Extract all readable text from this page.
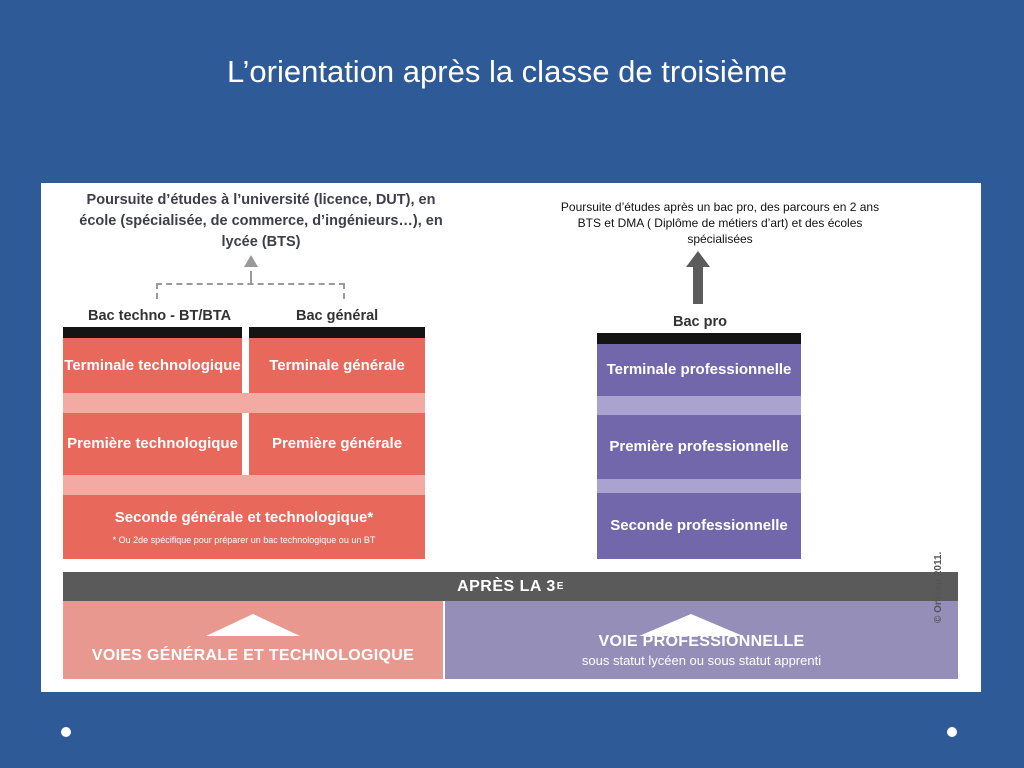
L’orientation après la classe de troisième
Poursuite d’études à l’université (licence, DUT), en école (spécialisée, de commerce, d’ingénieurs…), en lycée (BTS)
Poursuite d’études après un bac pro, des parcours en 2 ans BTS et DMA ( Diplôme de métiers d’art) et des écoles spécialisées
Bac techno - BT/BTA	Bac général	Bac pro
Terminale technologique	Terminale générale
Première technologique	Première générale
Seconde générale et technologique*
* Ou 2de spécifique pour préparer un bac technologique ou un BT
Terminale professionnelle
Première professionnelle
Seconde professionnelle
APRÈS LA 3 E
VOIES GÉNÉRALE ET TECHNOLOGIQUE
VOIE PROFESSIONNELLE
sous statut lycéen ou sous statut apprenti
© Onisep 2011.
